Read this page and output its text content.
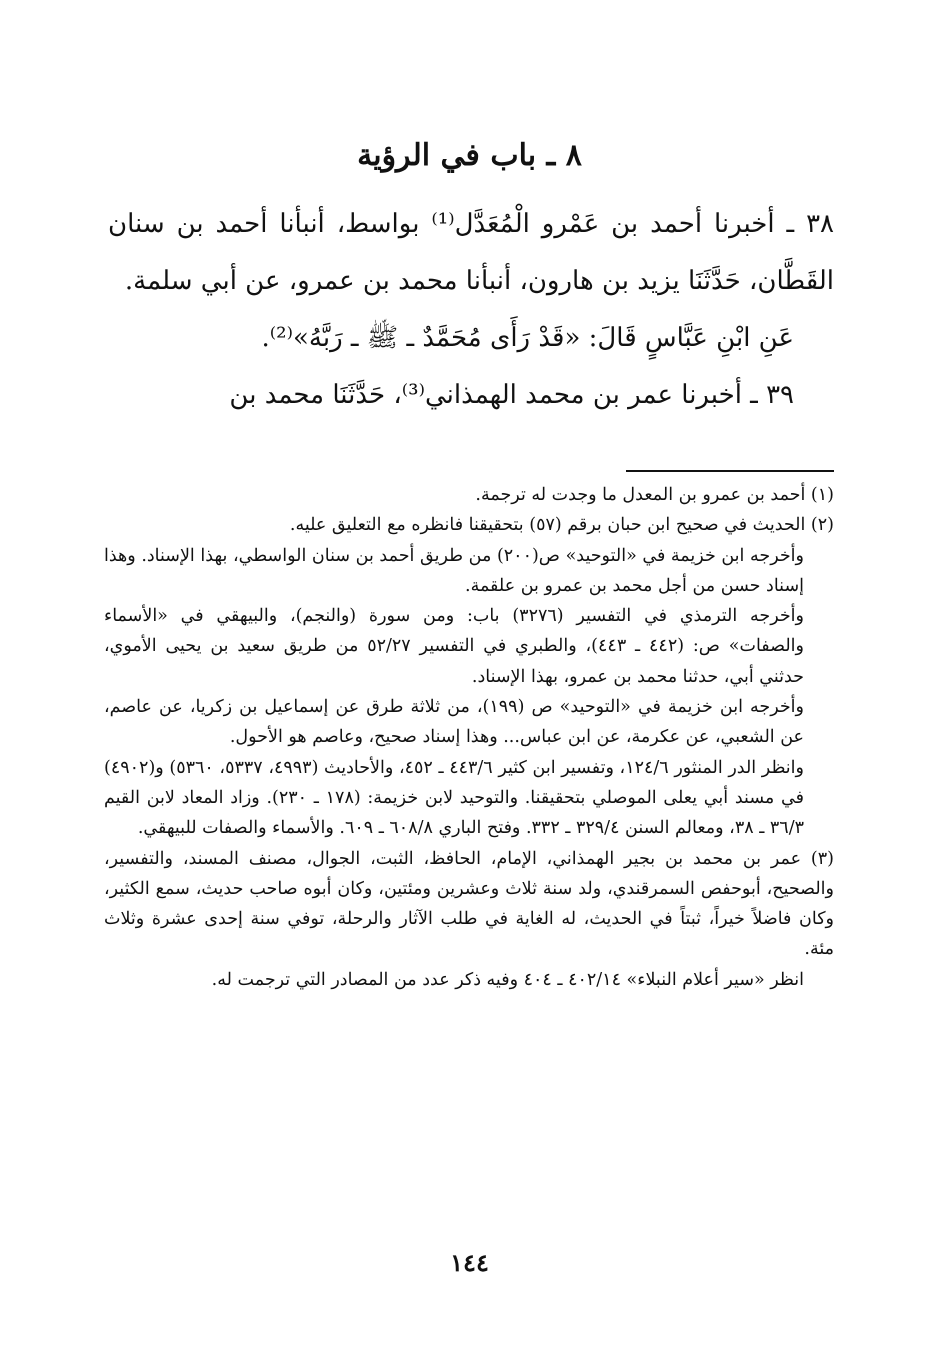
٨ ـ باب في الرؤية

٣٨ ـ أخبرنا أحمد بن عَمْرو الْمُعَدَّل⁽¹⁾ بواسط، أنبأنا أحمد بن سنان القَطَّان، حَدَّثَنَا يزيد بن هارون، أنبأنا محمد بن عمرو، عن أبي سلمة.

عَنِ ابْنِ عَبَّاسٍ قَالَ: «قَدْ رَأَى مُحَمَّدٌ ـ ﷺ ـ رَبَّهُ»⁽²⁾.

٣٩ ـ أخبرنا عمر بن محمد الهمذاني⁽³⁾، حَدَّثَنَا محمد بن

(١) أحمد بن عمرو بن المعدل ما وجدت له ترجمة.

(٢) الحديث في صحيح ابن حبان برقم (٥٧) بتحقيقنا فانظره مع التعليق عليه.

وأخرجه ابن خزيمة في «التوحيد» ص(٢٠٠) من طريق أحمد بن سنان الواسطي، بهذا الإسناد. وهذا إسناد حسن من أجل محمد بن عمرو بن علقمة.

وأخرجه الترمذي في التفسير (٣٢٧٦) باب: ومن سورة (والنجم)، والبيهقي في «الأسماء والصفات» ص: (٤٤٢ ـ ٤٤٣)، والطبري في التفسير ٥٢/٢٧ من طريق سعيد بن يحيى الأموي، حدثني أبي، حدثنا محمد بن عمرو، بهذا الإسناد.

وأخرجه ابن خزيمة في «التوحيد» ص (١٩٩)، من ثلاثة طرق عن إسماعيل بن زكريا، عن عاصم، عن الشعبي، عن عكرمة، عن ابن عباس... وهذا إسناد صحيح، وعاصم هو الأحول.

وانظر الدر المنثور ١٢٤/٦، وتفسير ابن كثير ٤٤٣/٦ ـ ٤٥٢، والأحاديث (٤٩٩٣، ٥٣٣٧، ٥٣٦٠) و(٤٩٠٢) في مسند أبي يعلى الموصلي بتحقيقنا. والتوحيد لابن خزيمة: (١٧٨ ـ ٢٣٠). وزاد المعاد لابن القيم ٣٦/٣ ـ ٣٨، ومعالم السنن ٣٢٩/٤ ـ ٣٣٢. وفتح الباري ٦٠٨/٨ ـ ٦٠٩. والأسماء والصفات للبيهقي.

(٣) عمر بن محمد بن بجير الهمذاني، الإمام، الحافظ، الثبت، الجوال، مصنف المسند، والتفسير، والصحيح، أبوحفص السمرقندي، ولد سنة ثلاث وعشرين ومئتين، وكان أبوه صاحب حديث، سمع الكثير، وكان فاضلاً خيراً، ثبتاً في الحديث، له الغاية في طلب الآثار والرحلة، توفي سنة إحدى عشرة وثلاث مئة.

انظر «سير أعلام النبلاء» ٤٠٢/١٤ ـ ٤٠٤ وفيه ذكر عدد من المصادر التي ترجمت له.

١٤٤
